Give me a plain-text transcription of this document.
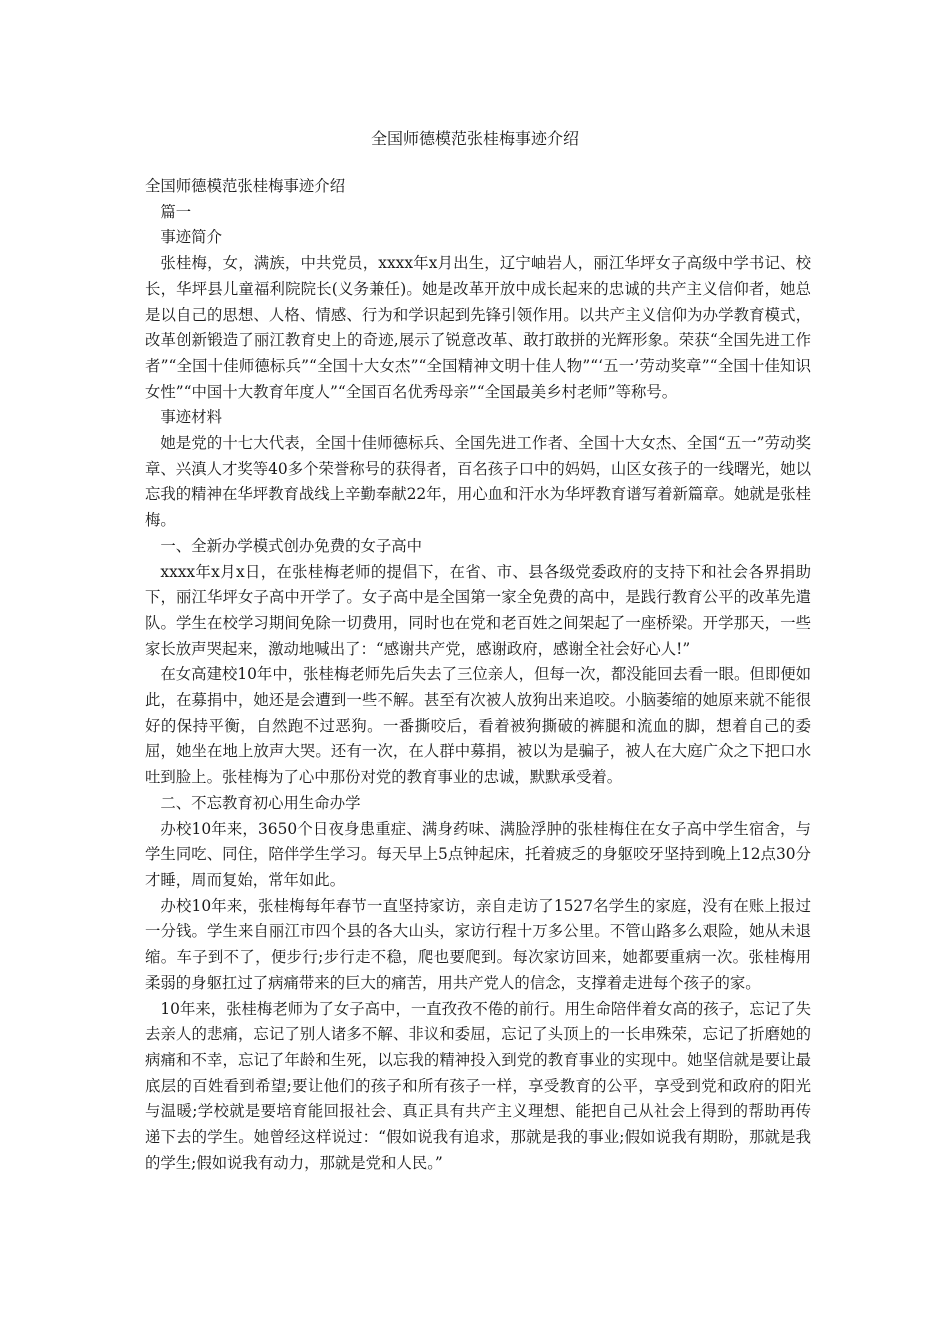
全国师德模范张桂梅事迹介绍

全国师德模范张桂梅事迹介绍

篇一

事迹简介

张桂梅，女，满族，中共党员，xxxx年x月出生，辽宁岫岩人，丽江华坪女子高级中学书记、校长，华坪县儿童福利院院长(义务兼任)。她是改革开放中成长起来的忠诚的共产主义信仰者，她总是以自己的思想、人格、情感、行为和学识起到先锋引领作用。以共产主义信仰为办学教育模式，改革创新锻造了丽江教育史上的奇迹,展示了锐意改革、敢打敢拼的光辉形象。荣获“全国先进工作者”“全国十佳师德标兵”“全国十大女杰”“全国精神文明十佳人物”“‘五一’劳动奖章”“全国十佳知识女性”“中国十大教育年度人”“全国百名优秀母亲”“全国最美乡村老师”等称号。

事迹材料

她是党的十七大代表，全国十佳师德标兵、全国先进工作者、全国十大女杰、全国“五一”劳动奖章、兴滇人才奖等40多个荣誉称号的获得者，百名孩子口中的妈妈，山区女孩子的一线曙光，她以忘我的精神在华坪教育战线上辛勤奉献22年，用心血和汗水为华坪教育谱写着新篇章。她就是张桂梅。

一、全新办学模式创办免费的女子高中

xxxx年x月x日，在张桂梅老师的提倡下，在省、市、县各级党委政府的支持下和社会各界捐助下，丽江华坪女子高中开学了。女子高中是全国第一家全免费的高中，是践行教育公平的改革先遣队。学生在校学习期间免除一切费用，同时也在党和老百姓之间架起了一座桥梁。开学那天，一些家长放声哭起来，激动地喊出了：“感谢共产党，感谢政府，感谢全社会好心人!”

在女高建校10年中，张桂梅老师先后失去了三位亲人，但每一次，都没能回去看一眼。但即便如此，在募捐中，她还是会遭到一些不解。甚至有次被人放狗出来追咬。小脑萎缩的她原来就不能很好的保持平衡，自然跑不过恶狗。一番撕咬后，看着被狗撕破的裤腿和流血的脚，想着自己的委屈，她坐在地上放声大哭。还有一次，在人群中募捐，被以为是骗子，被人在大庭广众之下把口水吐到脸上。张桂梅为了心中那份对党的教育事业的忠诚，默默承受着。

二、不忘教育初心用生命办学

办校10年来，3650个日夜身患重症、满身药味、满脸浮肿的张桂梅住在女子高中学生宿舍，与学生同吃、同住，陪伴学生学习。每天早上5点钟起床，托着疲乏的身躯咬牙坚持到晚上12点30分才睡，周而复始，常年如此。

办校10年来，张桂梅每年春节一直坚持家访，亲自走访了1527名学生的家庭，没有在账上报过一分钱。学生来自丽江市四个县的各大山头，家访行程十万多公里。不管山路多么艰险，她从未退缩。车子到不了，便步行;步行走不稳，爬也要爬到。每次家访回来，她都要重病一次。张桂梅用柔弱的身躯扛过了病痛带来的巨大的痛苦，用共产党人的信念，支撑着走进每个孩子的家。

10年来，张桂梅老师为了女子高中，一直孜孜不倦的前行。用生命陪伴着女高的孩子，忘记了失去亲人的悲痛，忘记了别人诸多不解、非议和委屈，忘记了头顶上的一长串殊荣，忘记了折磨她的病痛和不幸，忘记了年龄和生死，以忘我的精神投入到党的教育事业的实现中。她坚信就是要让最底层的百姓看到希望;要让他们的孩子和所有孩子一样，享受教育的公平，享受到党和政府的阳光与温暖;学校就是要培育能回报社会、真正具有共产主义理想、能把自己从社会上得到的帮助再传递下去的学生。她曾经这样说过：“假如说我有追求，那就是我的事业;假如说我有期盼，那就是我的学生;假如说我有动力，那就是党和人民。”
